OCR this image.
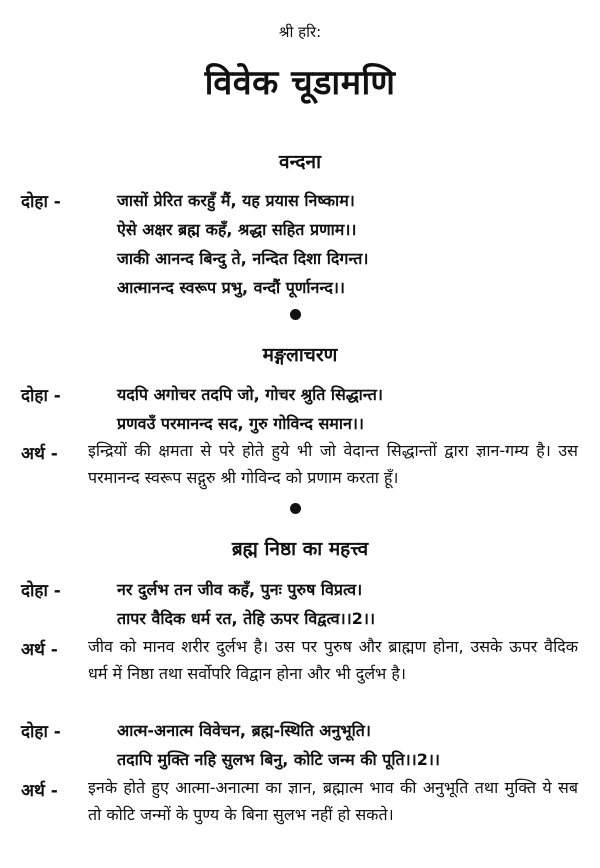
श्री हरि:
विवेक चूडामणि
वन्दना
दोहा -	जासों प्रेरित करहुँ मैं, यह प्रयास निष्काम।
ऐसे अक्षर ब्रह्म कहँ, श्रद्धा सहित प्रणाम।।
जाकी आनन्द बिन्दु ते, नन्दित दिशा दिगन्त।
आत्मानन्द स्वरूप प्रभु, वन्दौं पूर्णानन्द।।
मङ्गलाचरण
दोहा -	यदपि अगोचर तदपि जो, गोचर श्रुति सिद्धान्त।
प्रणवउँ परमानन्द सद, गुरु गोविन्द समान।।
अर्थ - इन्द्रियों की क्षमता से परे होते हुये भी जो वेदान्त सिद्धान्तों द्वारा ज्ञान-गम्य है। उस परमानन्द स्वरूप सद्गुरु श्री गोविन्द को प्रणाम करता हूँ।
ब्रह्म निष्ठा का महत्त्व
दोहा -	नर दुर्लभ तन जीव कहँ, पुनः पुरुष विप्रत्व।
तापर वैदिक धर्म रत, तेहि ऊपर विद्वत्व।।2।।
अर्थ - जीव को मानव शरीर दुर्लभ है। उस पर पुरुष और ब्राह्मण होना, उसके ऊपर वैदिक धर्म में निष्ठा तथा सर्वोपरि विद्वान होना और भी दुर्लभ है।
दोहा -	आत्म-अनात्म विवेचन, ब्रह्म-स्थिति अनुभूति।
तदापि मुक्ति नहि सुलभ बिनु, कोटि जन्म की पूति।।2।।
अर्थ - इनके होते हुए आत्मा-अनात्मा का ज्ञान, ब्रह्मात्म भाव की अनुभूति तथा मुक्ति ये सब तो कोटि जन्मों के पुण्य के बिना सुलभ नहीं हो सकते।
